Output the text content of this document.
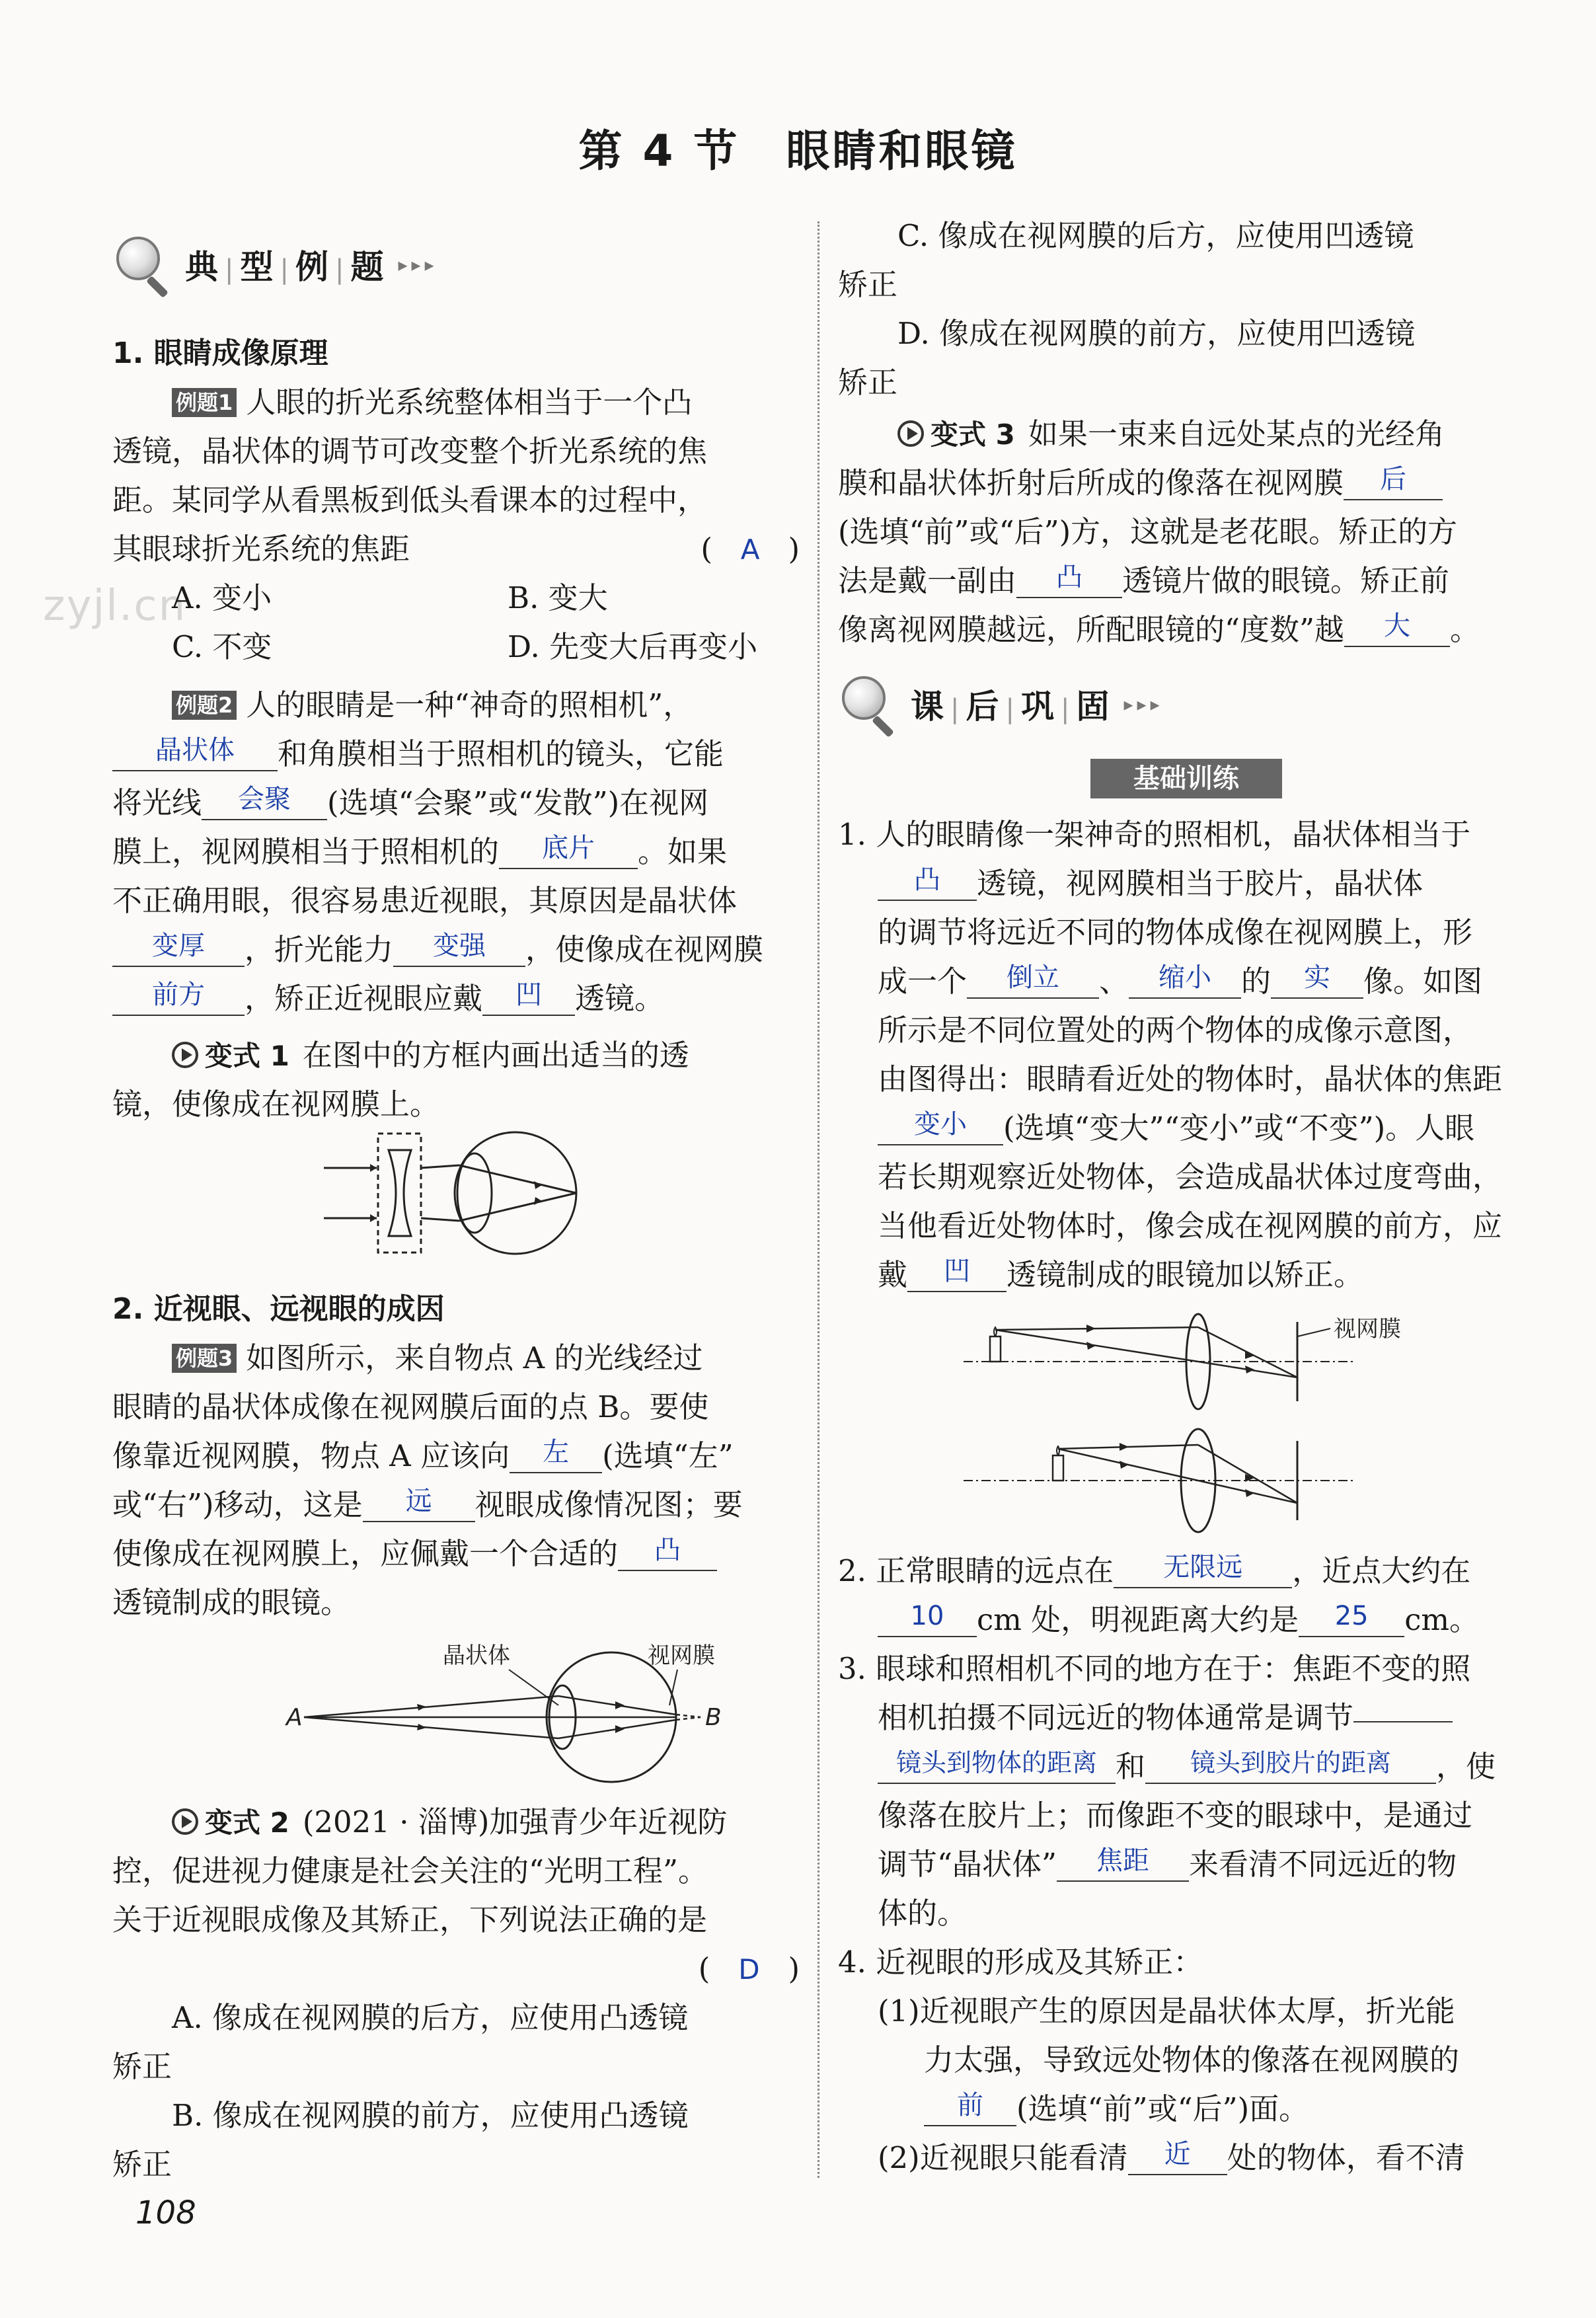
第 4 节　眼睛和眼镜
zyjl.cn
典|型|例|题 ▸▸▸
1. 眼睛成像原理
例题1 人眼的折光系统整体相当于一个凸
透镜，晶状体的调节可改变整个折光系统的焦
距。某同学从看黑板到低头看课本的过程中，
其眼球折光系统的焦距	(   A   )
A. 变小	B. 变大
C. 不变	D. 先变大后再变小
例题2 人的眼睛是一种“神奇的照相机”，
晶状体 和角膜相当于照相机的镜头，它能
将光线 会聚 (选填“会聚”或“发散”)在视网
膜上，视网膜相当于照相机的 底片 。如果
不正确用眼，很容易患近视眼，其原因是晶状体
变厚 ，折光能力 变强 ，使像成在视网膜
前方 ，矫正近视眼应戴 凹 透镜。
变式 1 在图中的方框内画出适当的透
镜，使像成在视网膜上。
2. 近视眼、远视眼的成因
例题3 如图所示，来自物点 A 的光线经过
眼睛的晶状体成像在视网膜后面的点 B。要使
像靠近视网膜，物点 A 应该向 左 (选填“左”
或“右”)移动，这是 远 视眼成像情况图；要
使像成在视网膜上，应佩戴一个合适的 凸
透镜制成的眼镜。
晶状体	视网膜
A	B
变式 2 (2021 · 淄博)加强青少年近视防
控，促进视力健康是社会关注的“光明工程”。
关于近视眼成像及其矫正，下列说法正确的是
(   D   )
A. 像成在视网膜的后方，应使用凸透镜
矫正
B. 像成在视网膜的前方，应使用凸透镜
矫正
C. 像成在视网膜的后方，应使用凹透镜
矫正
D. 像成在视网膜的前方，应使用凹透镜
矫正
变式 3 如果一束来自远处某点的光经角
膜和晶状体折射后所成的像落在视网膜 后
(选填“前”或“后”)方，这就是老花眼。矫正的方
法是戴一副由 凸 透镜片做的眼镜。矫正前
像离视网膜越远，所配眼镜的“度数”越 大 。
课|后|巩|固 ▸▸▸
基础训练
1. 人的眼睛像一架神奇的照相机，晶状体相当于
凸 透镜，视网膜相当于胶片，晶状体
的调节将远近不同的物体成像在视网膜上，形
成一个 倒立 、 缩小 的 实 像。如图
所示是不同位置处的两个物体的成像示意图，
由图得出：眼睛看近处的物体时，晶状体的焦距
变小 (选填“变大”“变小”或“不变”)。人眼
若长期观察近处物体，会造成晶状体过度弯曲，
当他看近处物体时，像会成在视网膜的前方，应
戴 凹 透镜制成的眼镜加以矫正。
视网膜
2. 正常眼睛的远点在 无限远 ，近点大约在
10 cm 处，明视距离大约是 25 cm。
3. 眼球和照相机不同的地方在于：焦距不变的照
相机拍摄不同远近的物体通常是调节
镜头到物体的距离 和 镜头到胶片的距离 ，使
像落在胶片上；而像距不变的眼球中，是通过
调节“晶状体” 焦距 来看清不同远近的物
体的。
4. 近视眼的形成及其矫正：
(1)近视眼产生的原因是晶状体太厚，折光能
力太强，导致远处物体的像落在视网膜的
前 (选填“前”或“后”)面。
(2)近视眼只能看清 近 处的物体，看不清
108
